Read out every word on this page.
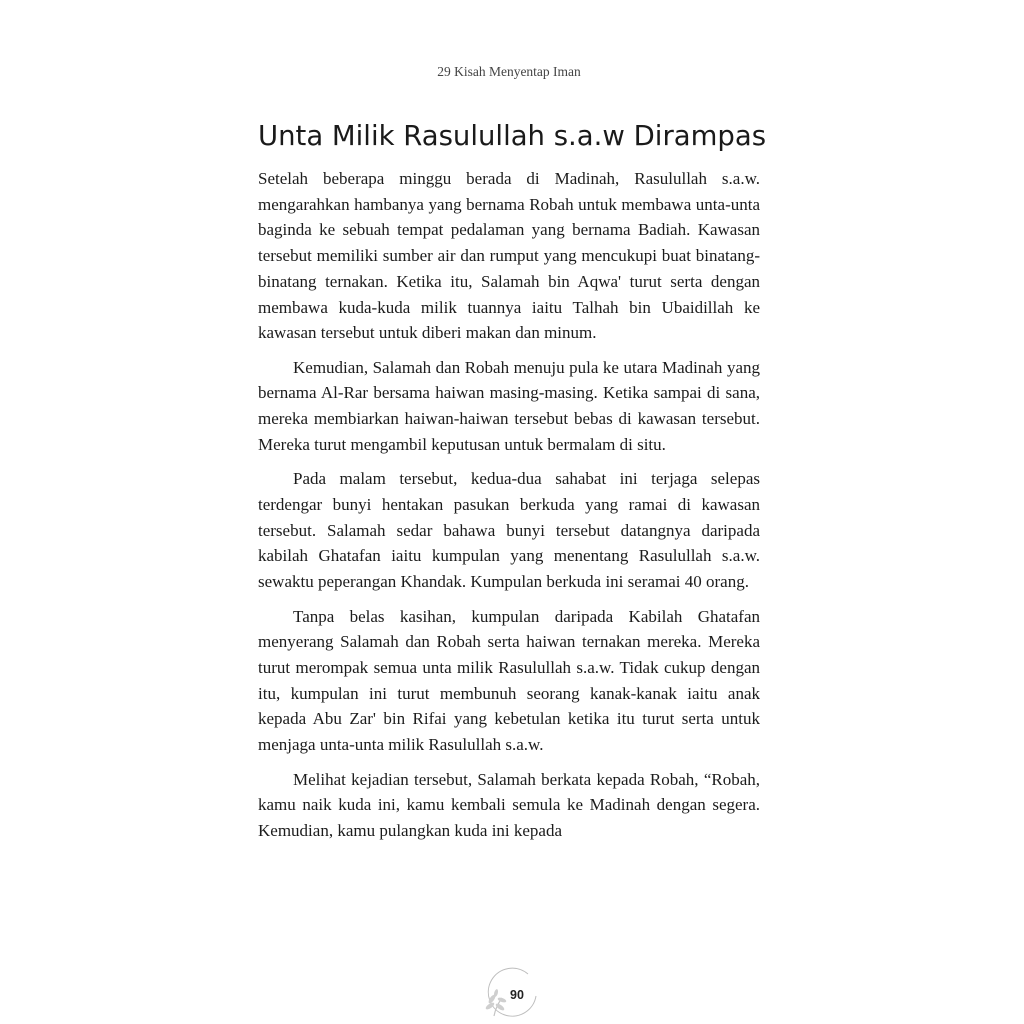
29 Kisah Menyentap Iman
Unta Milik Rasulullah s.a.w Dirampas

Setelah beberapa minggu berada di Madinah, Rasulullah s.a.w. mengarahkan hambanya yang bernama Robah untuk membawa unta-unta baginda ke sebuah tempat pedalaman yang bernama Badiah. Kawasan tersebut memiliki sumber air dan rumput yang mencukupi buat binatang-binatang ternakan. Ketika itu, Salamah bin Aqwa' turut serta dengan membawa kuda-kuda milik tuannya iaitu Talhah bin Ubaidillah ke kawasan tersebut untuk diberi makan dan minum.

Kemudian, Salamah dan Robah menuju pula ke utara Madinah yang bernama Al-Rar bersama haiwan masing-masing. Ketika sampai di sana, mereka membiarkan haiwan-haiwan tersebut bebas di kawasan tersebut. Mereka turut mengambil keputusan untuk bermalam di situ.

Pada malam tersebut, kedua-dua sahabat ini terjaga selepas terdengar bunyi hentakan pasukan berkuda yang ramai di kawasan tersebut. Salamah sedar bahawa bunyi tersebut datangnya daripada kabilah Ghatafan iaitu kumpulan yang menentang Rasulullah s.a.w. sewaktu peperangan Khandak. Kumpulan berkuda ini seramai 40 orang.

Tanpa belas kasihan, kumpulan daripada Kabilah Ghatafan menyerang Salamah dan Robah serta haiwan ternakan mereka. Mereka turut merompak semua unta milik Rasulullah s.a.w. Tidak cukup dengan itu, kumpulan ini turut membunuh seorang kanak-kanak iaitu anak kepada Abu Zar' bin Rifai yang kebetulan ketika itu turut serta untuk menjaga unta-unta milik Rasulullah s.a.w.

Melihat kejadian tersebut, Salamah berkata kepada Robah, “Robah, kamu naik kuda ini, kamu kembali semula ke Madinah dengan segera. Kemudian, kamu pulangkan kuda ini kepada

90
